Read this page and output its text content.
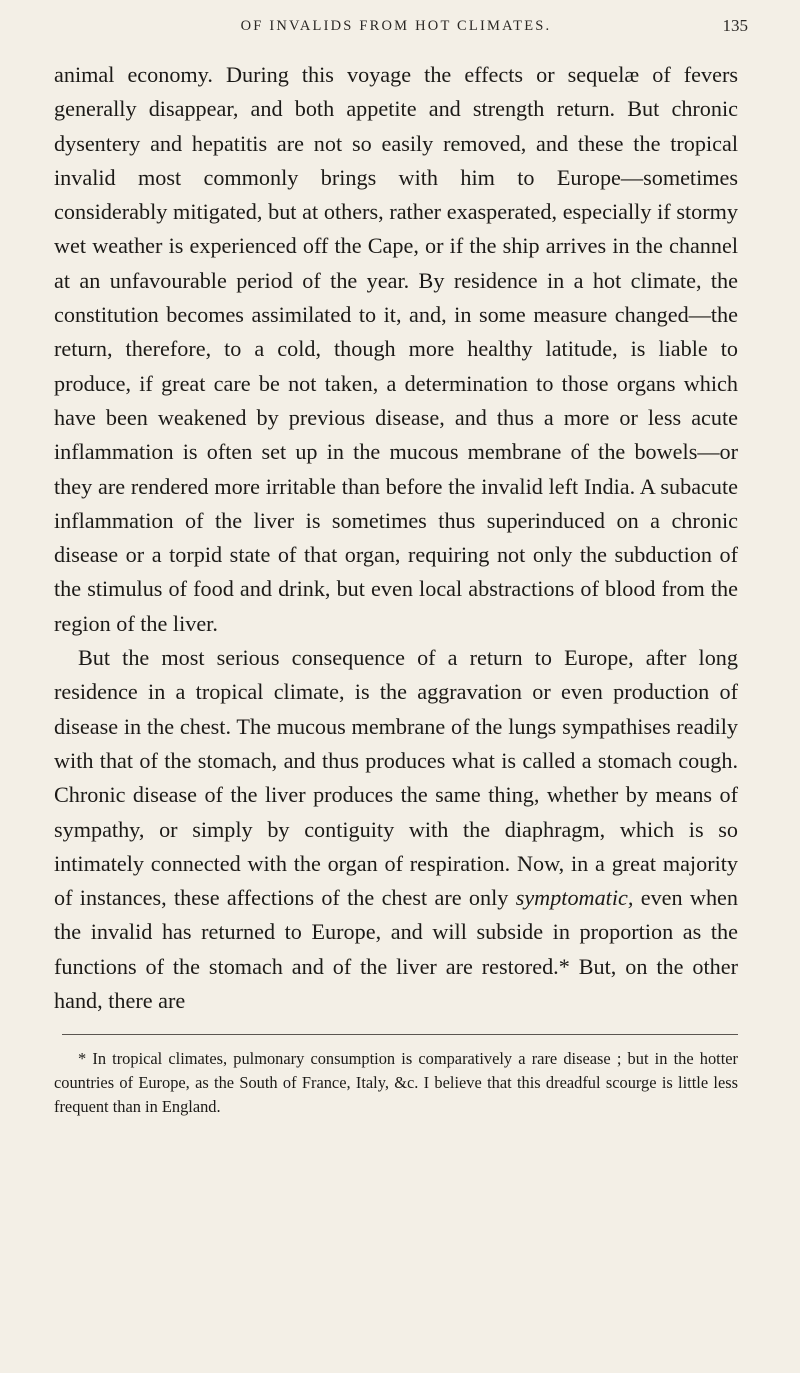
OF INVALIDS FROM HOT CLIMATES.	135

animal economy. During this voyage the effects or sequelæ of fevers generally disappear, and both appetite and strength return. But chronic dysentery and hepatitis are not so easily removed, and these the tropical invalid most commonly brings with him to Europe—sometimes considerably mitigated, but at others, rather exasperated, especially if stormy wet weather is experienced off the Cape, or if the ship arrives in the channel at an unfavourable period of the year. By residence in a hot climate, the constitution becomes assimilated to it, and, in some measure changed—the return, therefore, to a cold, though more healthy latitude, is liable to produce, if great care be not taken, a determination to those organs which have been weakened by previous disease, and thus a more or less acute inflammation is often set up in the mucous membrane of the bowels—or they are rendered more irritable than before the invalid left India. A subacute inflammation of the liver is sometimes thus superinduced on a chronic disease or a torpid state of that organ, requiring not only the subduction of the stimulus of food and drink, but even local abstractions of blood from the region of the liver.

But the most serious consequence of a return to Europe, after long residence in a tropical climate, is the aggravation or even production of disease in the chest. The mucous membrane of the lungs sympathises readily with that of the stomach, and thus produces what is called a stomach cough. Chronic disease of the liver produces the same thing, whether by means of sympathy, or simply by contiguity with the diaphragm, which is so intimately connected with the organ of respiration. Now, in a great majority of instances, these affections of the chest are only symptomatic, even when the invalid has returned to Europe, and will subside in proportion as the functions of the stomach and of the liver are restored.* But, on the other hand, there are

* In tropical climates, pulmonary consumption is comparatively a rare disease ; but in the hotter countries of Europe, as the South of France, Italy, &c. I believe that this dreadful scourge is little less frequent than in England.
